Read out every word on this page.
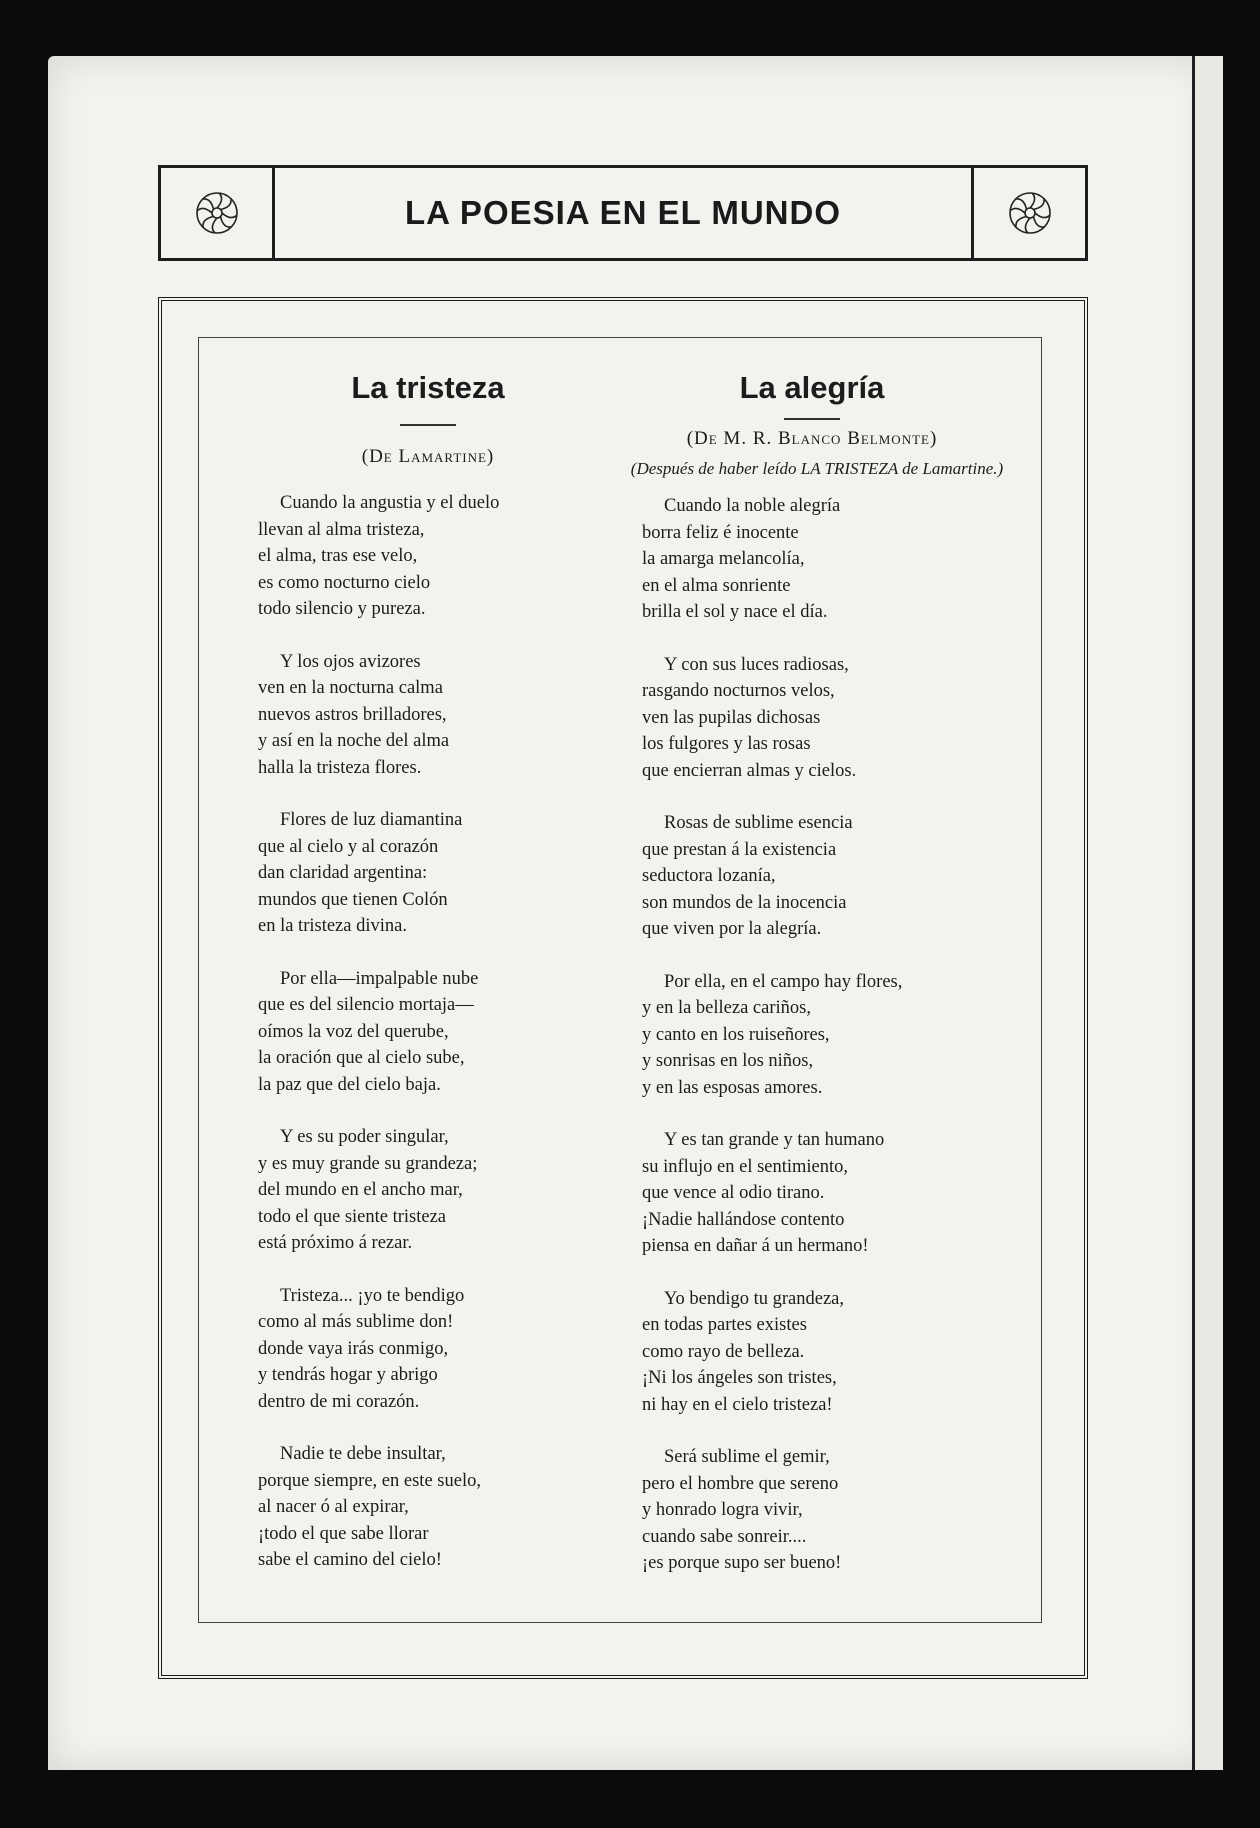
LA POESIA EN EL MUNDO
La tristeza
(De Lamartine)
Cuando la angustia y el duelo
llevan al alma tristeza,
el alma, tras ese velo,
es como nocturno cielo
todo silencio y pureza.
Y los ojos avizores
ven en la nocturna calma
nuevos astros brilladores,
y así en la noche del alma
halla la tristeza flores.
Flores de luz diamantina
que al cielo y al corazón
dan claridad argentina:
mundos que tienen Colón
en la tristeza divina.
Por ella—impalpable nube
que es del silencio mortaja—
oímos la voz del querube,
la oración que al cielo sube,
la paz que del cielo baja.
Y es su poder singular,
y es muy grande su grandeza;
del mundo en el ancho mar,
todo el que siente tristeza
está próximo á rezar.
Tristeza... ¡yo te bendigo
como al más sublime don!
donde vaya irás conmigo,
y tendrás hogar y abrigo
dentro de mi corazón.
Nadie te debe insultar,
porque siempre, en este suelo,
al nacer ó al expirar,
¡todo el que sabe llorar
sabe el camino del cielo!
La alegría
(De M. R. Blanco Belmonte)
(Después de haber leído LA TRISTEZA de Lamartine.)
Cuando la noble alegría
borra feliz é inocente
la amarga melancolía,
en el alma sonriente
brilla el sol y nace el día.
Y con sus luces radiosas,
rasgando nocturnos velos,
ven las pupilas dichosas
los fulgores y las rosas
que encierran almas y cielos.
Rosas de sublime esencia
que prestan á la existencia
seductora lozanía,
son mundos de la inocencia
que viven por la alegría.
Por ella, en el campo hay flores,
y en la belleza cariños,
y canto en los ruiseñores,
y sonrisas en los niños,
y en las esposas amores.
Y es tan grande y tan humano
su influjo en el sentimiento,
que vence al odio tirano.
¡Nadie hallándose contento
piensa en dañar á un hermano!
Yo bendigo tu grandeza,
en todas partes existes
como rayo de belleza.
¡Ni los ángeles son tristes,
ni hay en el cielo tristeza!
Será sublime el gemir,
pero el hombre que sereno
y honrado logra vivir,
cuando sabe sonreir....
¡es porque supo ser bueno!
